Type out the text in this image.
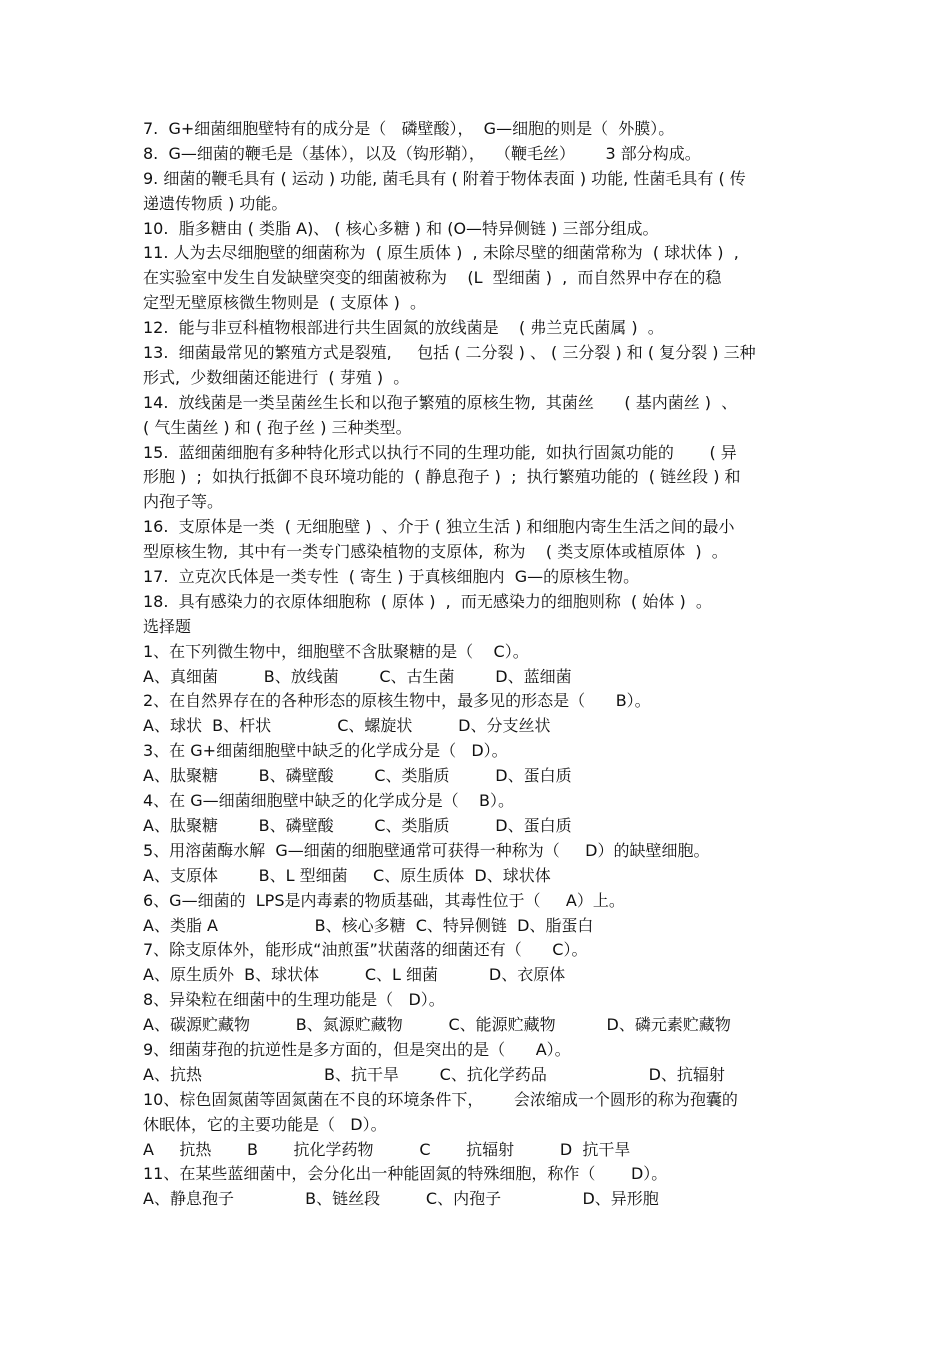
7.  G+细菌细胞壁特有的成分是（   磷壁酸），  G—细胞的则是（  外膜）。
8.  G—细菌的鞭毛是（基体），以及（钩形鞘），  （鞭毛丝）      3 部分构成。
9. 细菌的鞭毛具有 ( 运动 ) 功能, 菌毛具有 ( 附着于物体表面 ) 功能, 性菌毛具有 ( 传
递遗传物质 ) 功能。
10.  脂多糖由 ( 类脂 A)、 ( 核心多糖 ) 和 (O—特异侧链 ) 三部分组成。
11. 人为去尽细胞壁的细菌称为  ( 原生质体 )  , 未除尽壁的细菌常称为  ( 球状体 )  ,
在实验室中发生自发缺壁突变的细菌被称为    (L  型细菌 )  ,  而自然界中存在的稳
定型无壁原核微生物则是  ( 支原体 )  。
12.  能与非豆科植物根部进行共生固氮的放线菌是    ( 弗兰克氏菌属 )  。
13.  细菌最常见的繁殖方式是裂殖,     包括 ( 二分裂 ) 、 ( 三分裂 ) 和 ( 复分裂 ) 三种
形式,  少数细菌还能进行  ( 芽殖 )  。
14.  放线菌是一类呈菌丝生长和以孢子繁殖的原核生物,  其菌丝      ( 基内菌丝 )  、
( 气生菌丝 ) 和 ( 孢子丝 ) 三种类型。
15.  蓝细菌细胞有多种特化形式以执行不同的生理功能,  如执行固氮功能的       ( 异
形胞 )  ;  如执行抵御不良环境功能的  ( 静息孢子 )  ;  执行繁殖功能的  ( 链丝段 ) 和
内孢子等。
16.  支原体是一类  ( 无细胞壁 )  、介于 ( 独立生活 ) 和细胞内寄生生活之间的最小
型原核生物,  其中有一类专门感染植物的支原体,  称为    ( 类支原体或植原体  )  。
17.  立克次氏体是一类专性  ( 寄生 ) 于真核细胞内  G—的原核生物。
18.  具有感染力的衣原体细胞称  ( 原体 )  ,  而无感染力的细胞则称  ( 始体 )  。
选择题
1、在下列微生物中，细胞壁不含肽聚糖的是（    C）。
A、真细菌         B、放线菌        C、古生菌        D、蓝细菌
2、在自然界存在的各种形态的原核生物中，最多见的形态是（      B）。
A、球状  B、杆状             C、螺旋状         D、分支丝状
3、在 G+细菌细胞壁中缺乏的化学成分是（   D）。
A、肽聚糖        B、磷壁酸        C、类脂质         D、蛋白质
4、在 G—细菌细胞壁中缺乏的化学成分是（    B）。
A、肽聚糖        B、磷壁酸        C、类脂质         D、蛋白质
5、用溶菌酶水解  G—细菌的细胞壁通常可获得一种称为（     D）的缺壁细胞。
A、支原体        B、L 型细菌     C、原生质体  D、球状体
6、G—细菌的  LPS是内毒素的物质基础，其毒性位于（     A）上。
A、类脂 A                   B、核心多糖  C、特异侧链  D、脂蛋白
7、除支原体外，能形成“油煎蛋”状菌落的细菌还有（      C）。
A、原生质外  B、球状体         C、L 细菌          D、衣原体
8、异染粒在细菌中的生理功能是（   D）。
A、碳源贮藏物         B、氮源贮藏物         C、能源贮藏物          D、磷元素贮藏物
9、细菌芽孢的抗逆性是多方面的，但是突出的是（      A）。
A、抗热                        B、抗干旱        C、抗化学药品                    D、抗辐射
10、棕色固氮菌等固氮菌在不良的环境条件下，      会浓缩成一个圆形的称为孢囊的
休眠体，它的主要功能是（   D）。
A     抗热       B       抗化学药物         C       抗辐射         D  抗干旱
11、在某些蓝细菌中，会分化出一种能固氮的特殊细胞，称作（       D）。
A、静息孢子              B、链丝段         C、内孢子                D、异形胞
